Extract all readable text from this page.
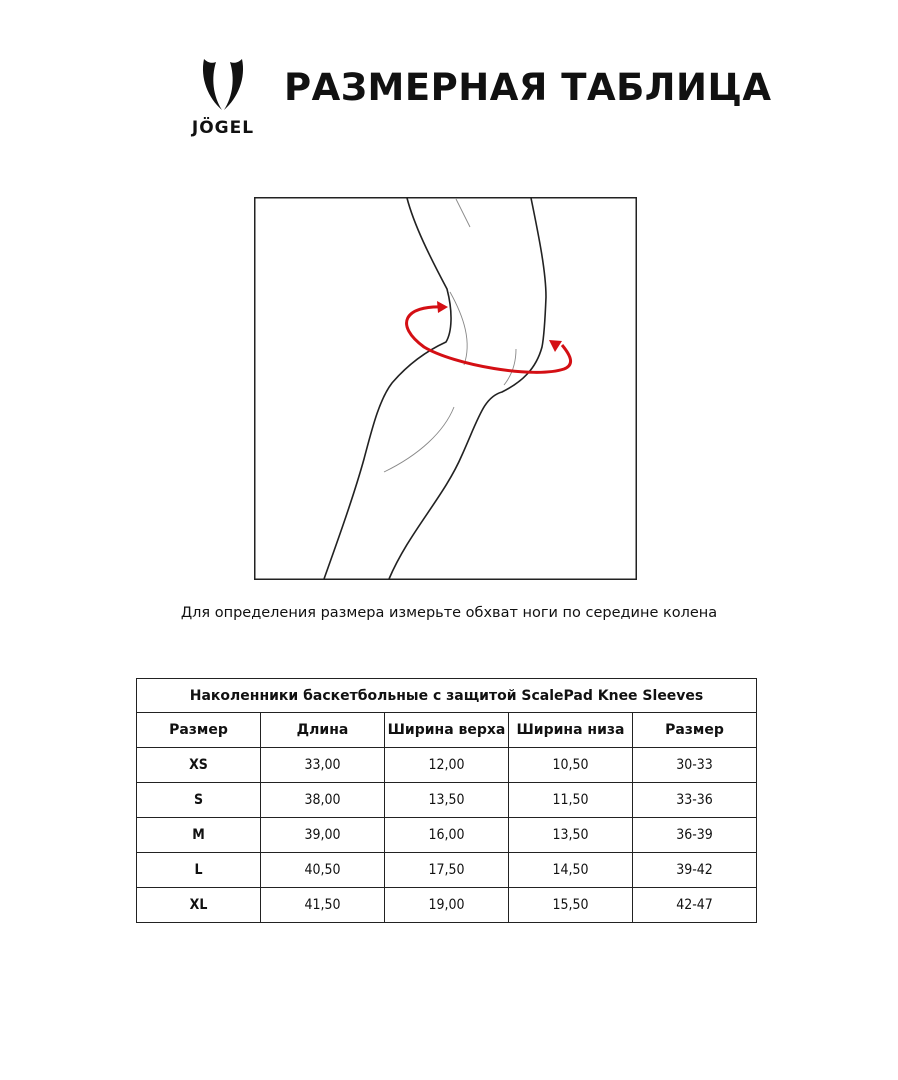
JÖGEL
РАЗМЕРНАЯ ТАБЛИЦА
Для определения размера измерьте обхват ноги по середине колена
Наколенники баскетбольные с защитой ScalePad Knee Sleeves				
Размер	Длина	Ширина верха	Ширина низа	Размер
XS	33,00	12,00	10,50	30-33
S	38,00	13,50	11,50	33-36
M	39,00	16,00	13,50	36-39
L	40,50	17,50	14,50	39-42
XL	41,50	19,00	15,50	42-47
